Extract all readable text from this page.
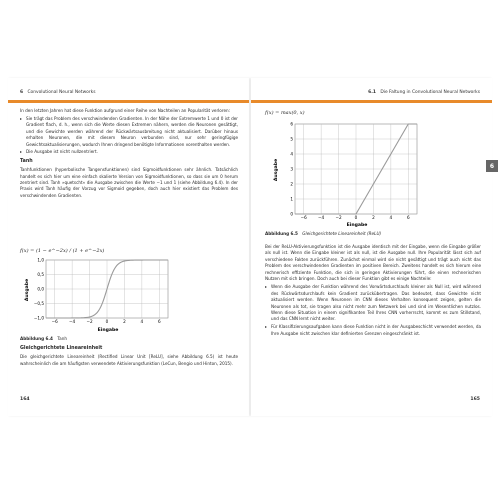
6 Convolutional Neural Networks

In den letzten Jahren hat diese Funktion aufgrund einer Reihe von Nachteilen an Popularität verloren:

▸ Sie trägt das Problem des verschwindenden Gradienten. In der Nähe der Extremwerte 1 und 0 ist der Gradient flach, d. h., wenn sich die Werte diesen Extremen nähern, werden die Neuronen gesättigt, und die Gewichte werden während der Rückwärtsausbreitung nicht aktualisiert. Darüber hinaus erhalten Neuronen, die mit diesem Neuron verbunden sind, nur sehr geringfügige Gewichtsaktualisierungen, wodurch Ihnen dringend benötigte Informationen vorenthalten werden.
▸ Die Ausgabe ist nicht nullzentriert.
Tanh

Tanhfunktionen (hyperbolische Tangensfunktionen) sind Sigmoidfunktionen sehr ähnlich. Tatsächlich handelt es sich hier um eine einfach skalierte Version von Sigmoidfunktionen, so dass sie um 0 herum zentriert sind. Tanh »quetscht« die Ausgabe zwischen die Werte −1 und 1 (siehe Abbildung 6.4). In der Praxis wird Tanh häufig der Vorzug vor Sigmoid gegeben, doch auch hier existiert das Problem des verschwindenden Gradienten.

f(x) = (1 − e^−2x) / (1 + e^−2x)
−6	−4	−2	0	2	4	6
1,0
0,5
0,0
−0,5
−1,0
Eingabe
Ausgabe
Abbildung 6.4 Tanh
Gleichgerichtete Lineareinheit

Die gleichgerichtete Lineareinheit (Rectified Linear Unit [ReLU], siehe Abbildung 6.5) ist heute wahrscheinlich die am häufigsten verwendete Aktivierungsfunktion (LeCun, Bengio und Hinton, 2015).

164
6.1 Die Faltung in Convolutional Neural Networks
6
f(x) = max(0, x)
−6	−4	−2	0	2	4	6
6
5
4
3
2
1
0
Eingabe
Ausgabe
Abbildung 6.5 Gleichgerichtete Lineareinheit (ReLU)

Bei der ReLU-Aktivierungsfunktion ist die Ausgabe identisch mit der Eingabe, wenn die Eingabe größer als null ist. Wenn die Eingabe kleiner ist als null, ist die Ausgabe null. Ihre Popularität lässt sich auf verschiedene Fakten zurückführen. Zunächst einmal wird sie nicht gesättigt und trägt auch nicht das Problem des verschwindenden Gradienten im positiven Bereich. Zweitens handelt es sich hierum eine rechnerisch effiziente Funktion, die sich in geringen Aktivierungen führt, die einen rechnerischen Nutzen mit sich bringen. Doch auch bei dieser Funktion gibt es einige Nachteile:

▸ Wenn die Ausgabe der Funktion während des Vorwärtsdurchlaufs kleiner als Null ist, wird während des Rückwärtsdurchlaufs kein Gradient zurückübertragen. Das bedeutet, dass Gewichte nicht aktualisiert werden. Wenn Neuronen im CNN dieses Verhalten konsequent zeigen, gelten die Neuronen als tot, sie tragen also nicht mehr zum Netzwerk bei und sind im Wesentlichen nutzlos. Wenn diese Situation in einem signifikanten Teil Ihres CNN vorherrscht, kommt es zum Stillstand, und das CNN lernt nicht weiter.
▸ Für Klassifizierungsaufgaben kann diese Funktion nicht in der Ausgabeschicht verwendet werden, da Ihre Ausgabe nicht zwischen klar definierten Grenzen eingeschränkt ist.
165
